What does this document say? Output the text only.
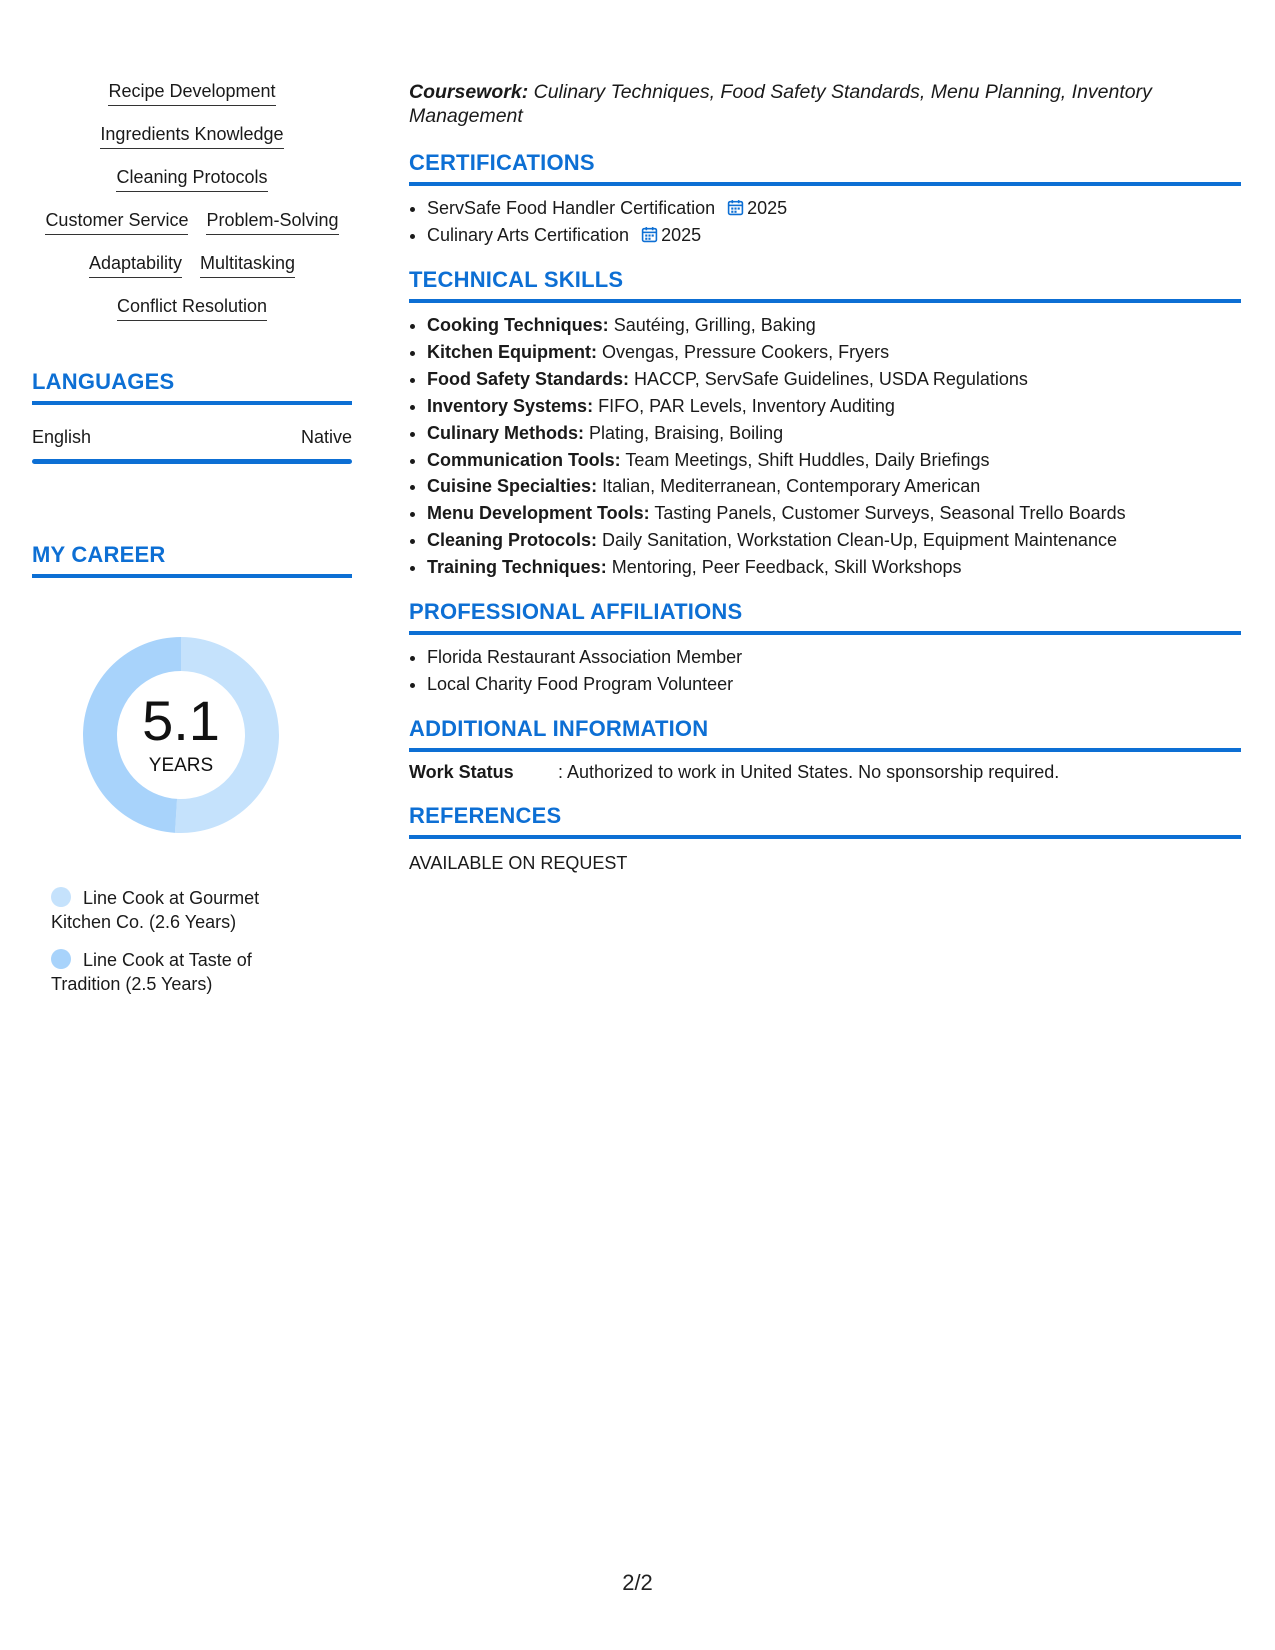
Recipe Development
Ingredients Knowledge
Cleaning Protocols
Customer Service Problem-Solving
Adaptability Multitasking
Conflict Resolution
LANGUAGES
English	Native
MY CAREER
5.1
YEARS
Line Cook at Gourmet Kitchen Co. (2.6 Years)
Line Cook at Taste of Tradition (2.5 Years)

Coursework: Culinary Techniques, Food Safety Standards, Menu Planning, Inventory Management

CERTIFICATIONS
• ServSafe Food Handler Certification 2025
• Culinary Arts Certification 2025
TECHNICAL SKILLS
• Cooking Techniques: Sautéing, Grilling, Baking
• Kitchen Equipment: Ovengas, Pressure Cookers, Fryers
• Food Safety Standards: HACCP, ServSafe Guidelines, USDA Regulations
• Inventory Systems: FIFO, PAR Levels, Inventory Auditing
• Culinary Methods: Plating, Braising, Boiling
• Communication Tools: Team Meetings, Shift Huddles, Daily Briefings
• Cuisine Specialties: Italian, Mediterranean, Contemporary American
• Menu Development Tools: Tasting Panels, Customer Surveys, Seasonal Trello Boards
• Cleaning Protocols: Daily Sanitation, Workstation Clean-Up, Equipment Maintenance
• Training Techniques: Mentoring, Peer Feedback, Skill Workshops
PROFESSIONAL AFFILIATIONS
• Florida Restaurant Association Member
• Local Charity Food Program Volunteer
ADDITIONAL INFORMATION
Work Status	: Authorized to work in United States. No sponsorship required.
REFERENCES
AVAILABLE ON REQUEST
2/2
